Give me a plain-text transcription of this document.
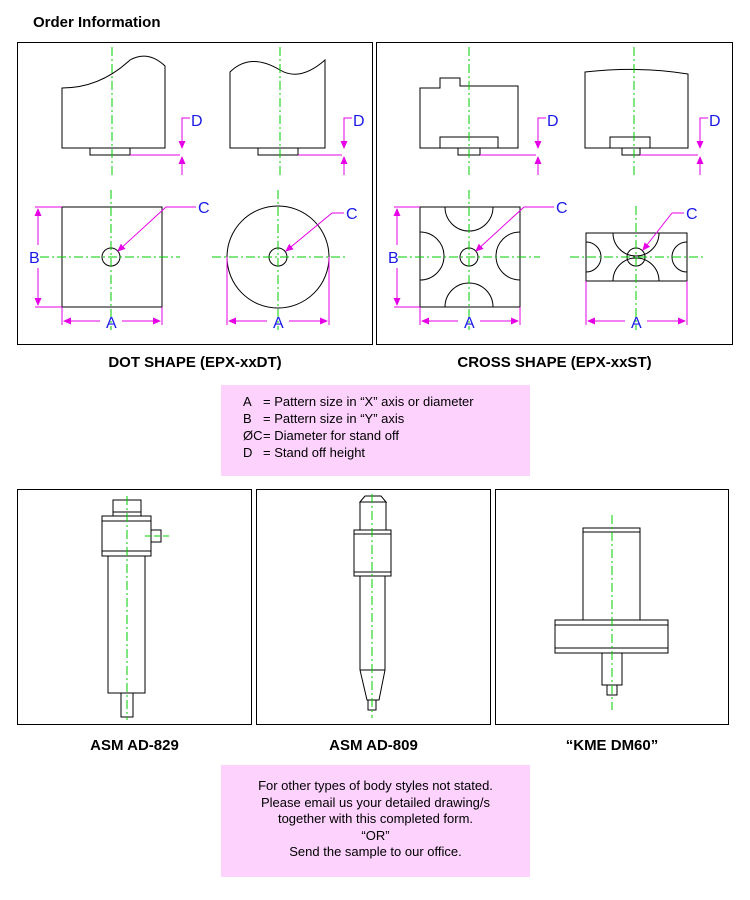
Order Information
D	D	D	D
B	B
A	A	A	A
C	C	C	C
DOT SHAPE (EPX-xxDT)	CROSS SHAPE (EPX-xxST)
A = Pattern size in “X” axis or diameter
B = Pattern size in “Y” axis
ØC= Diameter for stand off
D = Stand off height
ASM AD-829	ASM AD-809	“KME DM60”
For other types of body styles not stated.
Please email us your detailed drawing/s
together with this completed form.
“OR”
Send the sample to our office.
